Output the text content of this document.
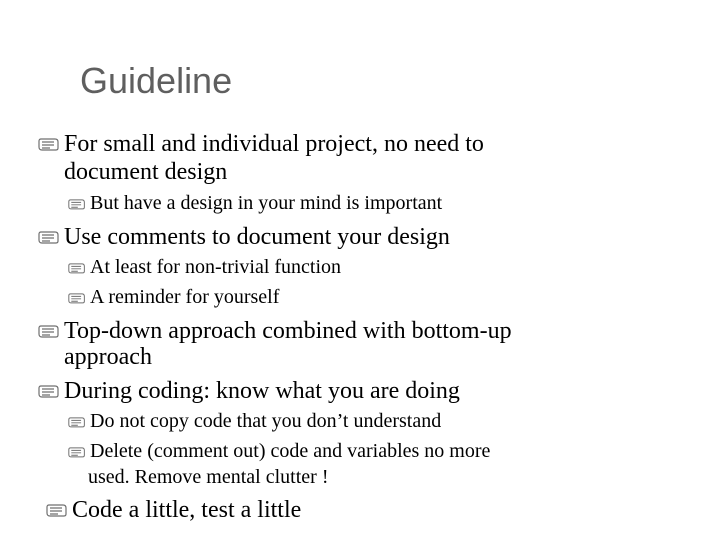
Guideline
For small and individual project, no need to
document design
But have a design in your mind is important
Use comments to document your design
At least for non-trivial function
A reminder for yourself
Top-down approach combined with bottom-up
approach
During coding: know what you are doing
Do not copy code that you don’t understand
Delete (comment out) code and variables no more
used. Remove mental clutter !
Code a little, test a little
